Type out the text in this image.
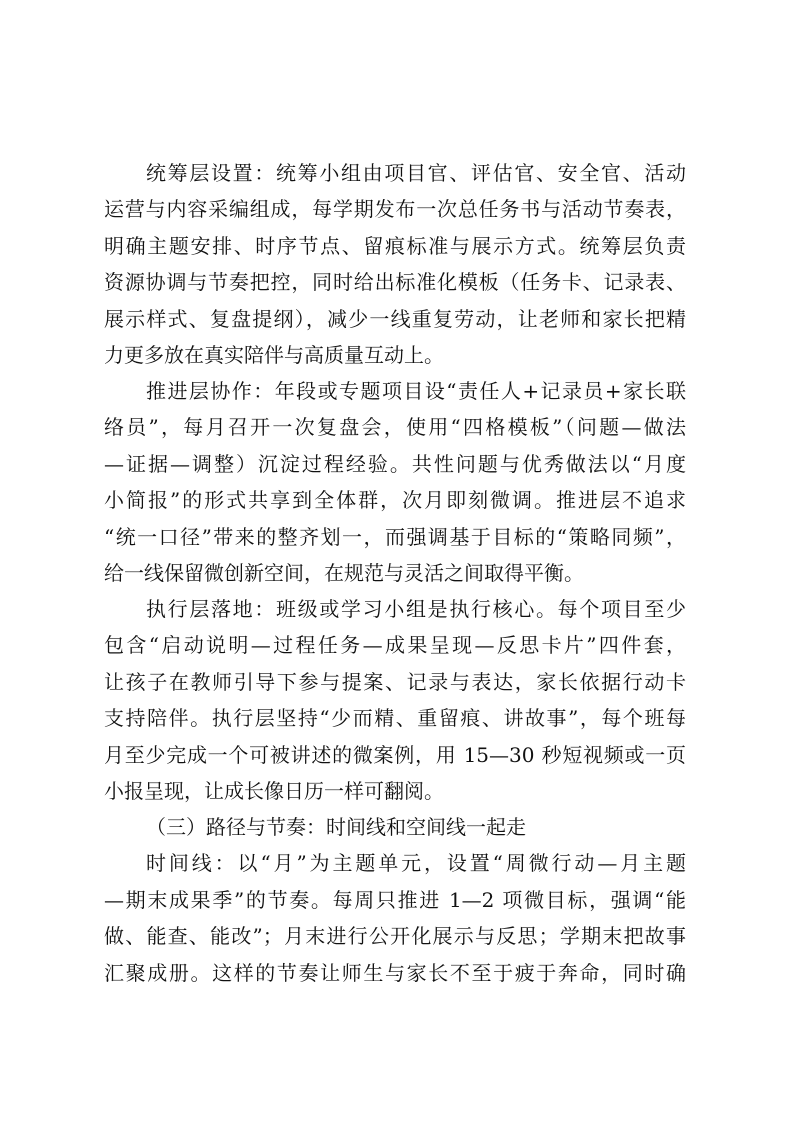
统筹层设置：统筹小组由项目官、评估官、安全官、活动
运营与内容采编组成，每学期发布一次总任务书与活动节奏表，
明确主题安排、时序节点、留痕标准与展示方式。统筹层负责
资源协调与节奏把控，同时给出标准化模板（任务卡、记录表、
展示样式、复盘提纲），减少一线重复劳动，让老师和家长把精
力更多放在真实陪伴与高质量互动上。
推进层协作：年段或专题项目设“责任人+记录员+家长联
络员”，每月召开一次复盘会，使用“四格模板”（问题—做法
—证据—调整）沉淀过程经验。共性问题与优秀做法以“月度
小简报”的形式共享到全体群，次月即刻微调。推进层不追求
“统一口径”带来的整齐划一，而强调基于目标的“策略同频”，
给一线保留微创新空间，在规范与灵活之间取得平衡。
执行层落地：班级或学习小组是执行核心。每个项目至少
包含“启动说明—过程任务—成果呈现—反思卡片”四件套，
让孩子在教师引导下参与提案、记录与表达，家长依据行动卡
支持陪伴。执行层坚持“少而精、重留痕、讲故事”，每个班每
月至少完成一个可被讲述的微案例，用 15—30 秒短视频或一页
小报呈现，让成长像日历一样可翻阅。
（三）路径与节奏：时间线和空间线一起走
时间线：以“月”为主题单元，设置“周微行动—月主题
—期末成果季”的节奏。每周只推进 1—2 项微目标，强调“能
做、能查、能改”；月末进行公开化展示与反思；学期末把故事
汇聚成册。这样的节奏让师生与家长不至于疲于奔命，同时确
